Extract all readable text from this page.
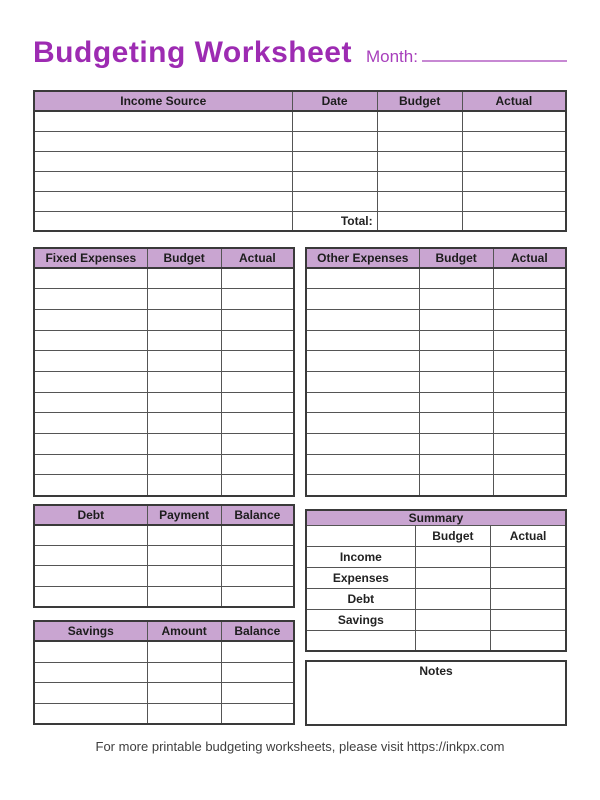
Budgeting Worksheet Month:
Income Source	Date	Budget	Actual

	Total:		
Fixed Expenses	Budget	Actual

			Other Expenses	Budget	Actual

Debt	Payment	Balance

Savings	Amount	Balance

Summary		
	Budget	Actual
Income		
Expenses		
Debt		
Savings		

Notes
For more printable budgeting worksheets, please visit https://inkpx.com
